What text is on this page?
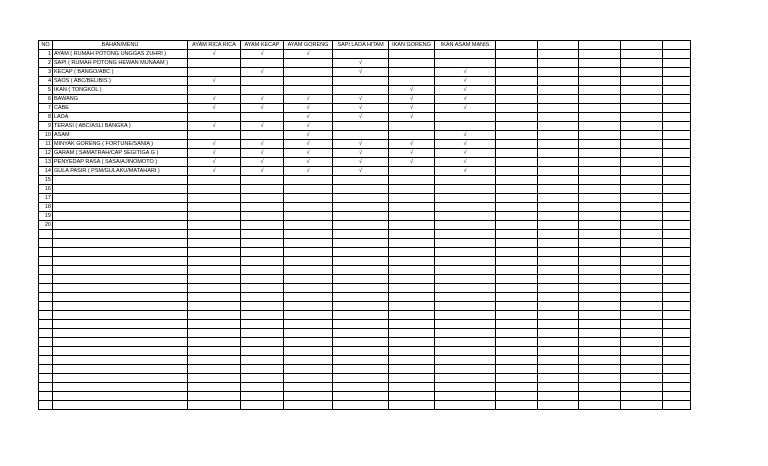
NO	BAHAN/MENU	AYAM RICA RICA	AYAM KECAP	AYAM GORENG	SAPI LADA HITAM	IKAN GORENG	IKAN ASAM MANIS					
1	AYAM ( RUMAH POTONG UNGGAS ZUHRI )	√	√	√								
2	SAPI ( RUMAH POTONG HEWAN MUNAAM )				√							
3	KECAP ( BANGO/ABC )		√		√		√					
4	SAOS ( ABC/BELIBIS )	√					√					
5	IKAN ( TONGKOL )					√	√					
6	BAWANG	√	√	√	√	√	√					
7	CABE	√	√	√	√	√	√					
8	LADA			√	√	√						
9	TERASI ( ABC/ASLI BANGKA )	√	√	√								
10	ASAM			√			√					
11	MINYAK GORENG ( FORTUNE/SANIA )	√	√	√	√	√	√					
12	GARAM ( SAMATRAH/CAP SEGITIGA G )	√	√	√	√	√	√					
13	PENYEDAP RASA ( SASA/AJINOMOTO )	√	√	√	√	√	√					
14	GULA PASIR ( PSM/GULAKU/MATAHARI )	√	√	√	√		√					
15												
16												
17												
18												
19												
20												
